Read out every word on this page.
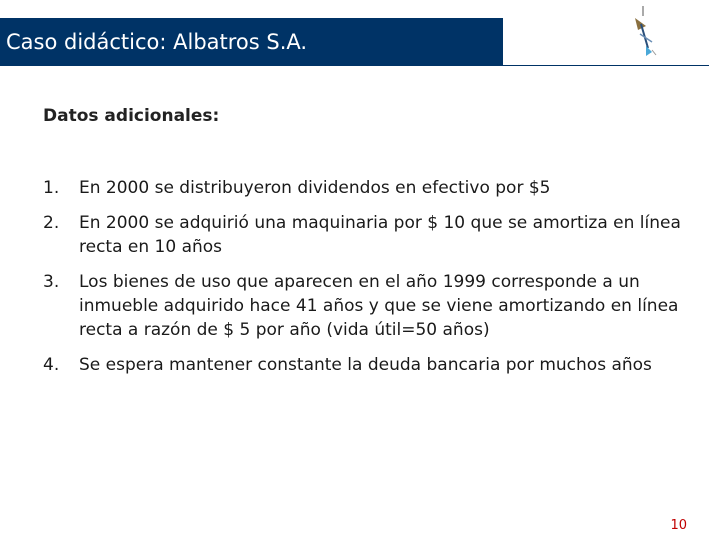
Caso didáctico: Albatros S.A.
Datos adicionales:
1. En 2000 se distribuyeron dividendos en efectivo por $5
2. En 2000 se adquirió una maquinaria por $ 10 que se amortiza en línea recta en 10 años
3. Los bienes de uso que aparecen en el año 1999 corresponde a un inmueble adquirido hace 41 años y que se viene amortizando en línea recta a razón de $ 5 por año (vida útil=50 años)
4. Se espera mantener constante la deuda bancaria por muchos años
10
